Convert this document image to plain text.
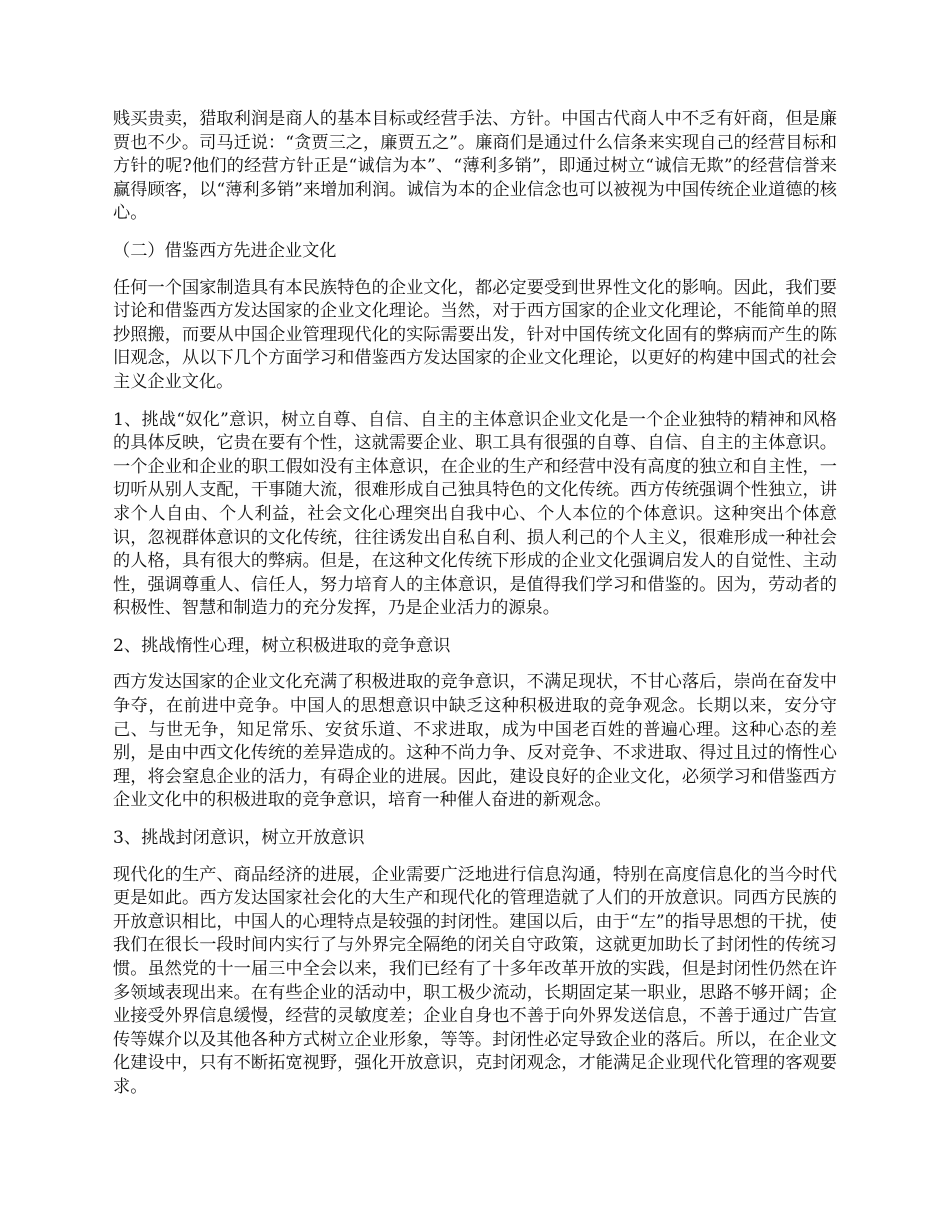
贱买贵卖，猎取利润是商人的基本目标或经营手法、方针。中国古代商人中不乏有奸商，但是廉贾也不少。司马迁说：“贪贾三之，廉贾五之”。廉商们是通过什么信条来实现自己的经营目标和方针的呢?他们的经营方针正是“诚信为本”、“薄利多销”，即通过树立“诚信无欺”的经营信誉来赢得顾客，以“薄利多销”来增加利润。诚信为本的企业信念也可以被视为中国传统企业道德的核心。

（二）借鉴西方先进企业文化

任何一个国家制造具有本民族特色的企业文化，都必定要受到世界性文化的影响。因此，我们要讨论和借鉴西方发达国家的企业文化理论。当然，对于西方国家的企业文化理论，不能简单的照抄照搬，而要从中国企业管理现代化的实际需要出发，针对中国传统文化固有的弊病而产生的陈旧观念，从以下几个方面学习和借鉴西方发达国家的企业文化理论，以更好的构建中国式的社会主义企业文化。

1、挑战“奴化”意识，树立自尊、自信、自主的主体意识企业文化是一个企业独特的精神和风格的具体反映，它贵在要有个性，这就需要企业、职工具有很强的自尊、自信、自主的主体意识。一个企业和企业的职工假如没有主体意识，在企业的生产和经营中没有高度的独立和自主性，一切听从别人支配，干事随大流，很难形成自己独具特色的文化传统。西方传统强调个性独立，讲求个人自由、个人利益，社会文化心理突出自我中心、个人本位的个体意识。这种突出个体意识，忽视群体意识的文化传统，往往诱发出自私自利、损人利己的个人主义，很难形成一种社会的人格，具有很大的弊病。但是，在这种文化传统下形成的企业文化强调启发人的自觉性、主动性，强调尊重人、信任人，努力培育人的主体意识，是值得我们学习和借鉴的。因为，劳动者的积极性、智慧和制造力的充分发挥，乃是企业活力的源泉。

2、挑战惰性心理，树立积极进取的竞争意识

西方发达国家的企业文化充满了积极进取的竞争意识，不满足现状，不甘心落后，崇尚在奋发中争夺，在前进中竞争。中国人的思想意识中缺乏这种积极进取的竞争观念。长期以来，安分守己、与世无争，知足常乐、安贫乐道、不求进取，成为中国老百姓的普遍心理。这种心态的差别，是由中西文化传统的差异造成的。这种不尚力争、反对竞争、不求进取、得过且过的惰性心理，将会窒息企业的活力，有碍企业的进展。因此，建设良好的企业文化，必须学习和借鉴西方企业文化中的积极进取的竞争意识，培育一种催人奋进的新观念。

3、挑战封闭意识，树立开放意识

现代化的生产、商品经济的进展，企业需要广泛地进行信息沟通，特别在高度信息化的当今时代更是如此。西方发达国家社会化的大生产和现代化的管理造就了人们的开放意识。同西方民族的开放意识相比，中国人的心理特点是较强的封闭性。建国以后，由于“左”的指导思想的干扰，使我们在很长一段时间内实行了与外界完全隔绝的闭关自守政策，这就更加助长了封闭性的传统习惯。虽然党的十一届三中全会以来，我们已经有了十多年改革开放的实践，但是封闭性仍然在许多领域表现出来。在有些企业的活动中，职工极少流动，长期固定某一职业，思路不够开阔；企业接受外界信息缓慢，经营的灵敏度差；企业自身也不善于向外界发送信息，不善于通过广告宣传等媒介以及其他各种方式树立企业形象，等等。封闭性必定导致企业的落后。所以，在企业文化建设中，只有不断拓宽视野，强化开放意识，克封闭观念，才能满足企业现代化管理的客观要求。
